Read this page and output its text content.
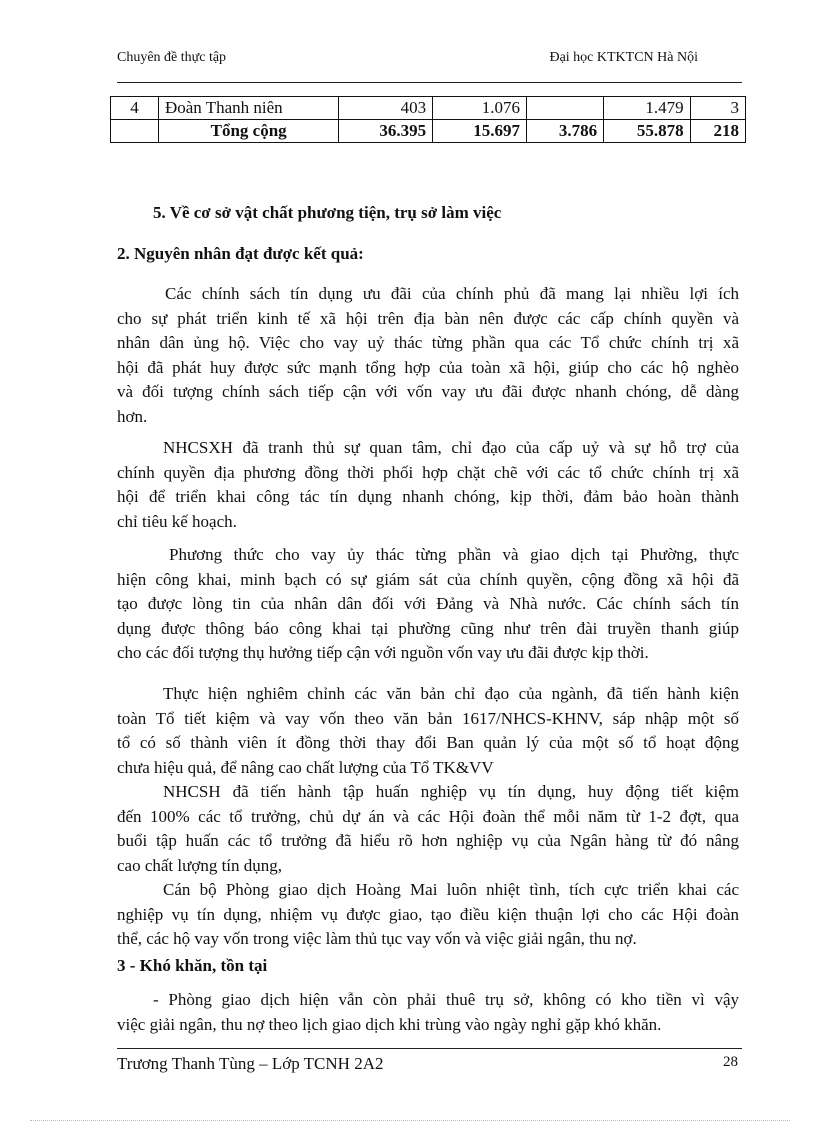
Chuyên đề thực tập	Đại học KTKTCN Hà Nội
4	Đoàn Thanh niên	403	1.076		1.479	3
	Tổng cộng	36.395	15.697	3.786	55.878	218
5. Về cơ sở vật chất phương tiện, trụ sở làm việc
2. Nguyên nhân đạt được kết quả:
Các chính sách tín dụng ưu đãi của chính phủ đã mang lại nhiều lợi ích
cho sự phát triển kinh tế xã hội trên địa bàn nên được các cấp chính quyền và
nhân dân ủng hộ. Việc cho vay uỷ thác từng phần qua các Tổ chức chính trị xã
hội đã phát huy được sức mạnh tổng hợp của toàn xã hội, giúp cho các hộ nghèo
và đối tượng chính sách tiếp cận với vốn vay ưu đãi được nhanh chóng, dễ dàng
hơn.
NHCSXH đã tranh thủ sự quan tâm, chỉ đạo của cấp uỷ và sự hỗ trợ của
chính quyền địa phương đồng thời phối hợp chặt chẽ với các tổ chức chính trị xã
hội để triển khai công tác tín dụng nhanh chóng, kịp thời, đảm bảo hoàn thành
chỉ tiêu kế hoạch.
Phương thức cho vay ủy thác từng phần và giao dịch tại Phường, thực
hiện công khai, minh bạch có sự giám sát của chính quyền, cộng đồng xã hội đã
tạo được lòng tin của nhân dân đối với Đảng và Nhà nước. Các chính sách tín
dụng được thông báo công khai tại phường cũng như trên đài truyền thanh giúp
cho các đối tượng thụ hưởng tiếp cận với nguồn vốn vay ưu đãi được kịp thời.
Thực hiện nghiêm chỉnh các văn bản chỉ đạo của ngành, đã tiến hành kiện
toàn Tổ tiết kiệm và vay vốn theo văn bản 1617/NHCS-KHNV, sáp nhập một số
tổ có số thành viên ít đồng thời thay đổi Ban quản lý của một số tổ hoạt động
chưa hiệu quả, để nâng cao chất lượng của Tổ TK&VV
NHCSH đã tiến hành tập huấn nghiệp vụ tín dụng, huy động tiết kiệm
đến 100% các tổ trưởng, chủ dự án và các Hội đoàn thể mỗi năm từ 1-2 đợt, qua
buổi tập huấn các tổ trưởng đã hiểu rõ hơn nghiệp vụ của Ngân hàng từ đó nâng
cao chất lượng tín dụng,
Cán bộ Phòng giao dịch Hoàng Mai luôn nhiệt tình, tích cực triển khai các
nghiệp vụ tín dụng, nhiệm vụ được giao, tạo điều kiện thuận lợi cho các Hội đoàn
thể, các hộ vay vốn trong việc làm thủ tục vay vốn và việc giải ngân, thu nợ.
3 - Khó khăn, tồn tại
- Phòng giao dịch hiện vẫn còn phải thuê trụ sở, không có kho tiền vì vậy
việc giải ngân, thu nợ theo lịch giao dịch khi trùng vào ngày nghỉ gặp khó khăn.
Trương Thanh Tùng – Lớp TCNH 2A2	28
